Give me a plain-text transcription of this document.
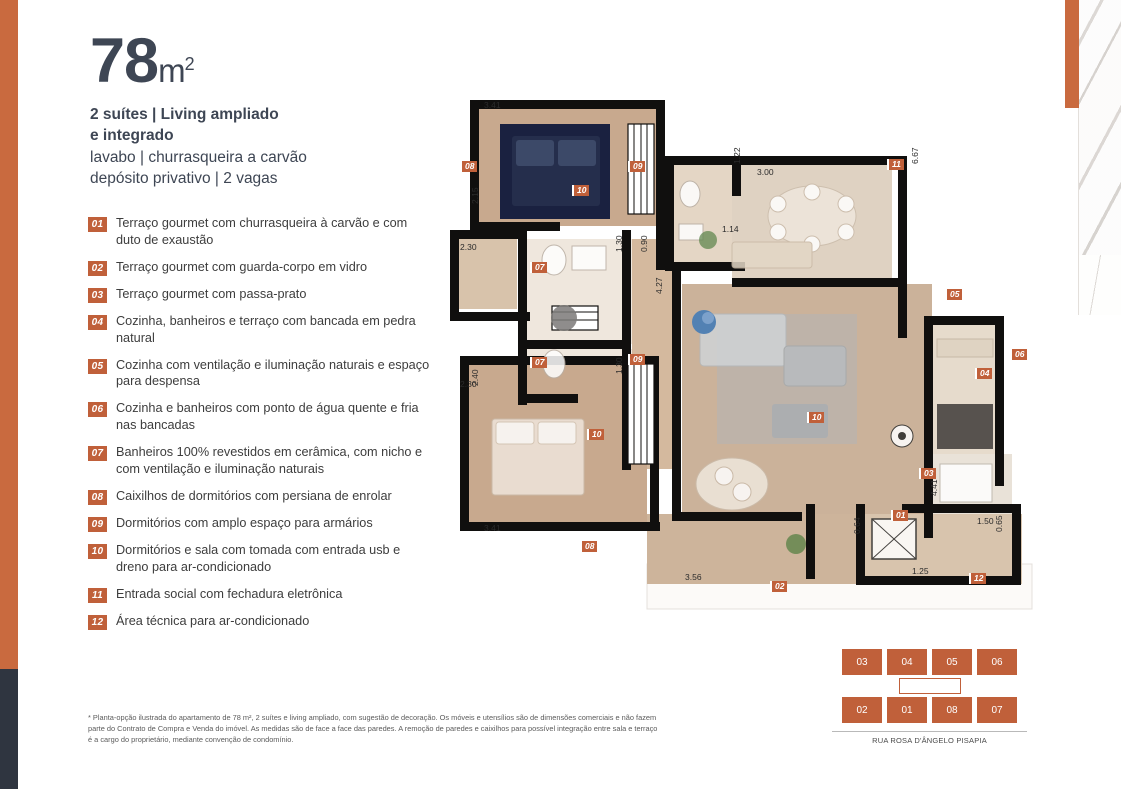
$78m^2$
2 suítes | Living ampliado
e integrado
lavabo | churrasqueira a carvão
depósito privativo | 2 vagas
01 Terraço gourmet com churrasqueira à carvão e com duto de exaustão
02 Terraço gourmet com guarda-corpo em vidro
03 Terraço gourmet com passa-prato
04 Cozinha, banheiros e terraço com bancada em pedra natural
05 Cozinha com ventilação e iluminação naturais e espaço para despensa
06 Cozinha e banheiros com ponto de água quente e fria nas bancadas
07 Banheiros 100% revestidos em cerâmica, com nicho e com ventilação e iluminação naturais
08 Caixilhos de dormitórios com persiana de enrolar
09 Dormitórios com amplo espaço para armários
10 Dormitórios e sala com tomada com entrada usb e dreno para ar-condicionado
11	Entrada social com fechadura eletrônica
12 Área técnica para ar-condicionado
* Planta-opção ilustrada do apartamento de 78 m², 2 suítes e living ampliado, com sugestão de decoração. Os móveis e utensílios são de dimensões comerciais e não fazem parte do Contrato de Compra e Venda do imóvel. As medidas são de face a face das paredes. A remoção de paredes e caixilhos para possível integração entre sala e terraço é a cargo do proprietário, mediante convenção de condomínio.
08	09
10
11
07
07	09
05
06
04
10
10
03
01
08
02
12
3.41
2.30
2.30
3.41
1.30 0.90
1.30
2.40
1.22
1.14
3.00
6.67
4.27
4.41
1.50 0.65
0.64
1.25
3.56
2.15
03	04	05	06
02	01	08	07
RUA ROSA D'ÂNGELO PISAPIA
